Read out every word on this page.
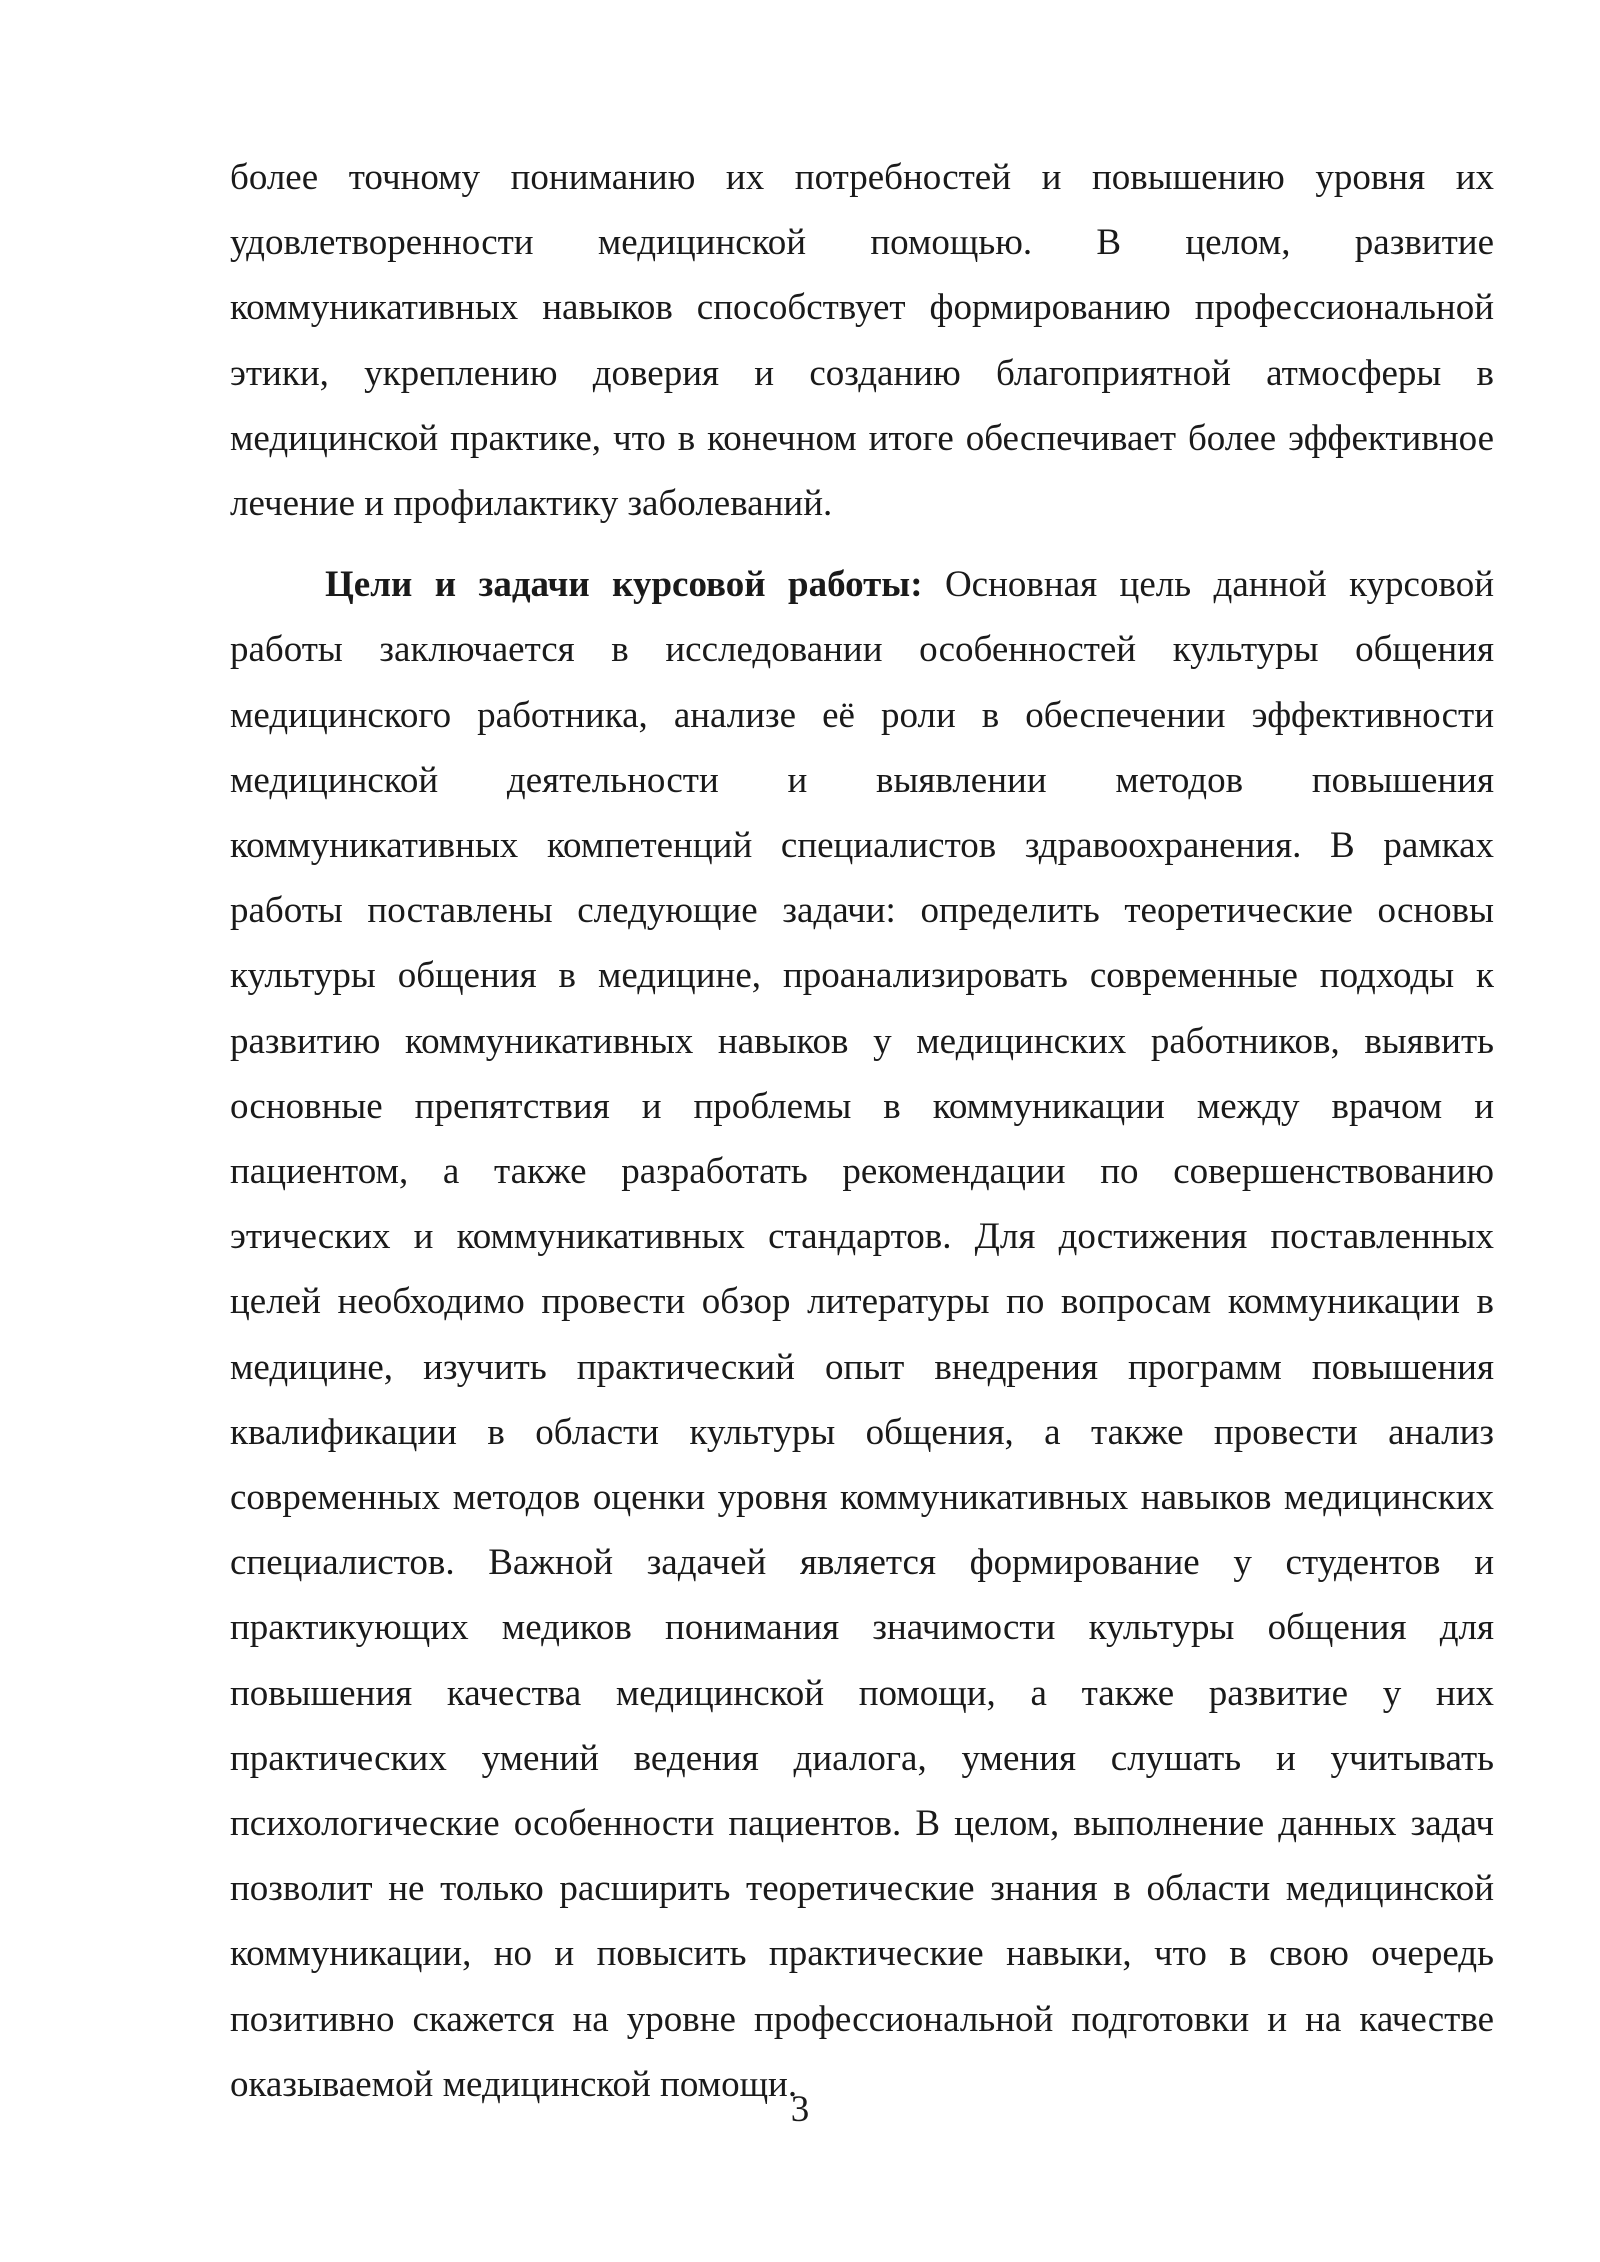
более точному пониманию их потребностей и повышению уровня их удовлетворенности медицинской помощью. В целом, развитие коммуникативных навыков способствует формированию профессиональной этики, укреплению доверия и созданию благоприятной атмосферы в медицинской практике, что в конечном итоге обеспечивает более эффективное лечение и профилактику заболеваний.

Цели и задачи курсовой работы: Основная цель данной курсовой работы заключается в исследовании особенностей культуры общения медицинского работника, анализе её роли в обеспечении эффективности медицинской деятельности и выявлении методов повышения коммуникативных компетенций специалистов здравоохранения. В рамках работы поставлены следующие задачи: определить теоретические основы культуры общения в медицине, проанализировать современные подходы к развитию коммуникативных навыков у медицинских работников, выявить основные препятствия и проблемы в коммуникации между врачом и пациентом, а также разработать рекомендации по совершенствованию этических и коммуникативных стандартов. Для достижения поставленных целей необходимо провести обзор литературы по вопросам коммуникации в медицине, изучить практический опыт внедрения программ повышения квалификации в области культуры общения, а также провести анализ современных методов оценки уровня коммуникативных навыков медицинских специалистов. Важной задачей является формирование у студентов и практикующих медиков понимания значимости культуры общения для повышения качества медицинской помощи, а также развитие у них практических умений ведения диалога, умения слушать и учитывать психологические особенности пациентов. В целом, выполнение данных задач позволит не только расширить теоретические знания в области медицинской коммуникации, но и повысить практические навыки, что в свою очередь позитивно скажется на уровне профессиональной подготовки и на качестве оказываемой медицинской помощи.

3
